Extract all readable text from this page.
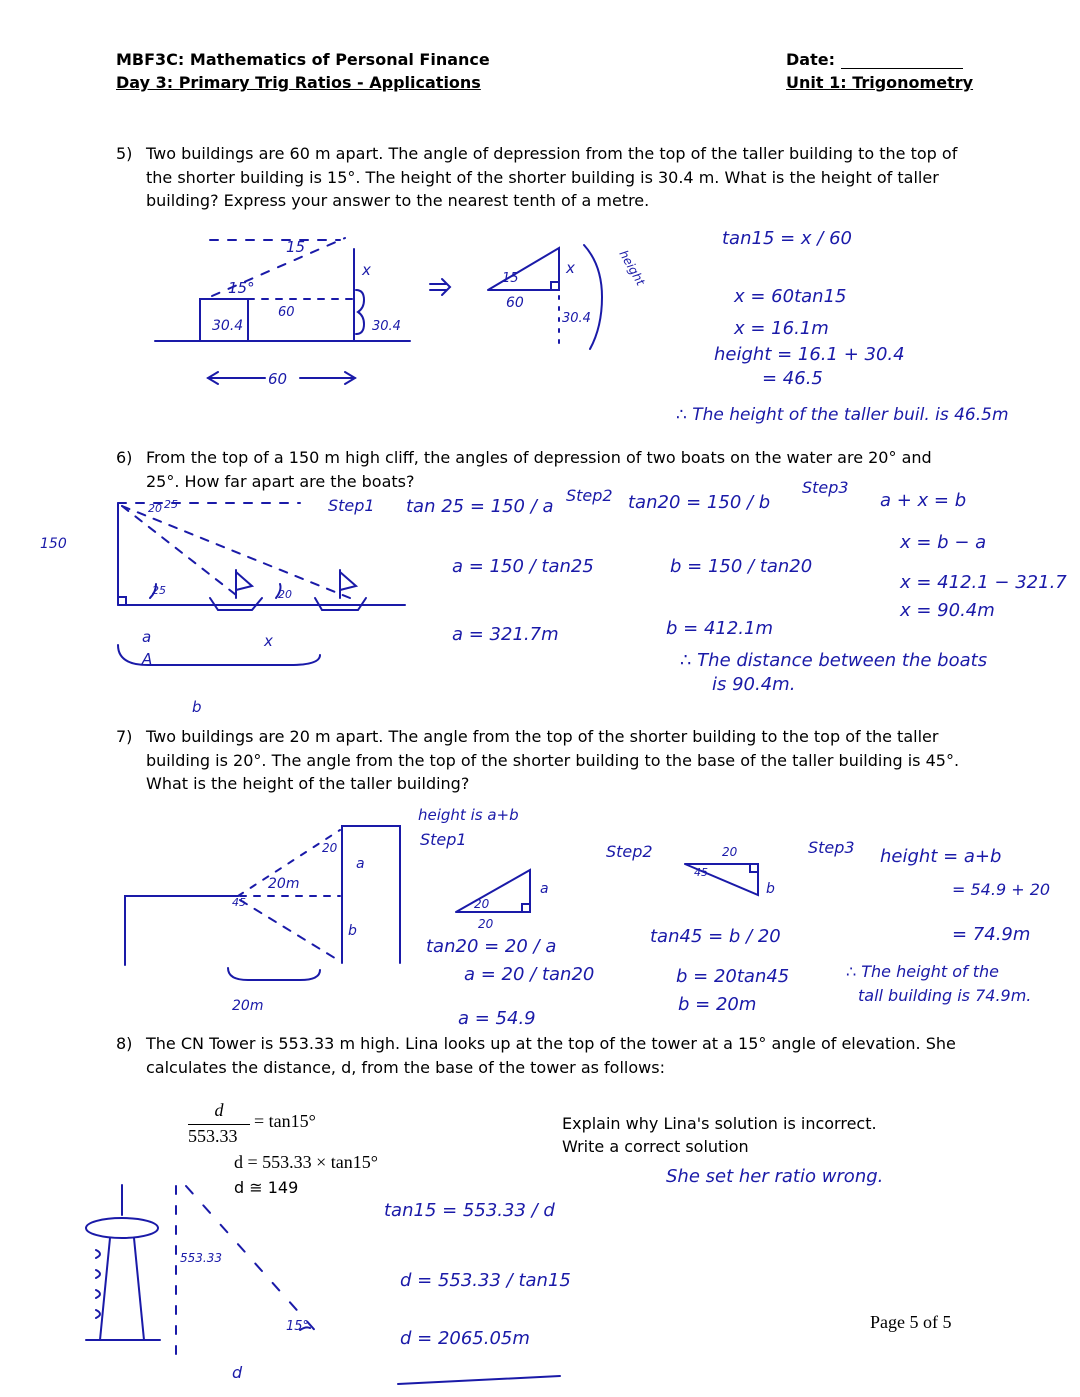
MBF3C: Mathematics of Personal Finance
Day 3: Primary Trig Ratios - Applications
Date:
Unit 1: Trigonometry
5) Two buildings are 60 m apart. The angle of depression from the top of the taller building to the top of the shorter building is 15°. The height of the shorter building is 30.4 m. What is the height of taller building? Express your answer to the nearest tenth of a metre.
15
x
15°
60
30.4	30.4
60
15
x
60
30.4
height
tan15 = x / 60
x = 60tan15
x = 16.1m
height = 16.1 + 30.4
= 46.5
∴ The height of the taller buil. is 46.5m
6) From the top of a 150 m high cliff, the angles of depression of two boats on the water are 20° and 25°. How far apart are the boats?
150
20 25
20
25
x
a
A
b
Step1 tan 25 = 150 / a
a = 150 / tan25
a = 321.7m
Step2 tan20 = 150 / b
b = 150 / tan20
b = 412.1m
Step3
a + x = b
x = b − a
x = 412.1 − 321.7
x = 90.4m
∴ The distance between the boats
is 90.4m.
7) Two buildings are 20 m apart. The angle from the top of the shorter building to the top of the taller building is 20°. The angle from the top of the shorter building to the base of the taller building is 45°. What is the height of the taller building?
20
a
20m
45
b
20m
20
20
a
20
45
b
height is a+b
Step1
tan20 = 20 / a
a = 20 / tan20
a = 54.9
Step2
tan45 = b / 20
b = 20tan45
b = 20m
Step3 height = a+b
= 54.9 + 20
= 74.9m
∴ The height of the
tall building is 74.9m.
8) The CN Tower is 553.33 m high. Lina looks up at the top of the tower at a 15° angle of elevation. She calculates the distance, d, from the base of the tower as follows:
d
553.33
= tan15°
d = 553.33 × tan15°
d ≅ 149
Explain why Lina's solution is incorrect.
Write a correct solution
She set her ratio wrong.
553.33
15°
d
tan15 = 553.33 / d
d = 553.33 / tan15
d = 2065.05m
Page 5 of 5
